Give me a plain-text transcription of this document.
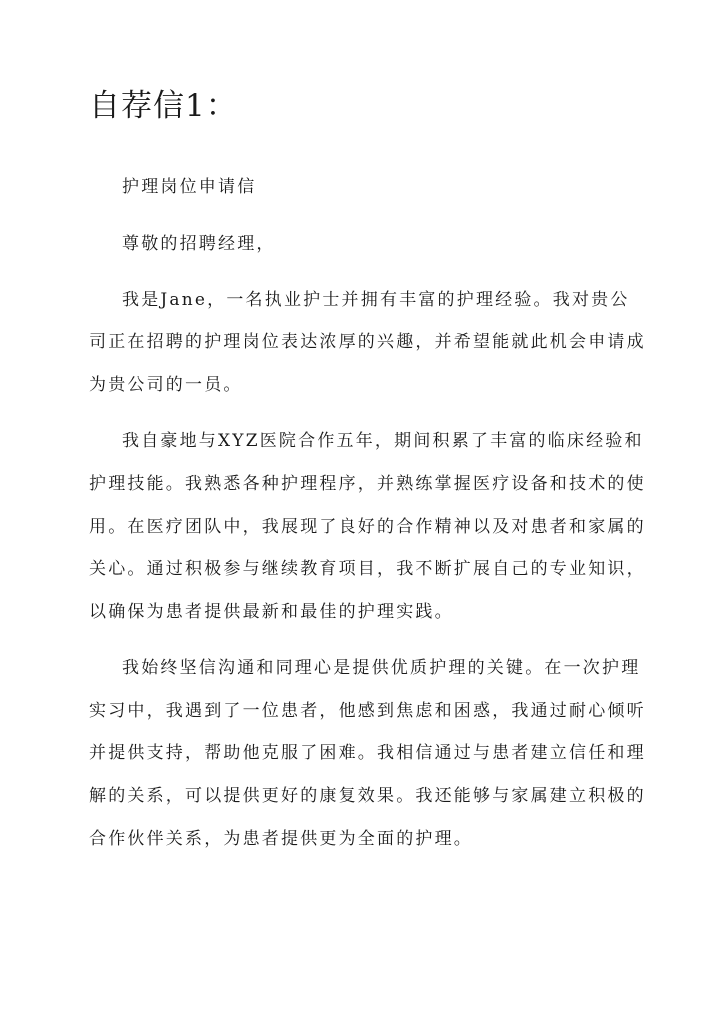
自荐信1：

护理岗位申请信

尊敬的招聘经理，

我是Jane，一名执业护士并拥有丰富的护理经验。我对贵公

司正在招聘的护理岗位表达浓厚的兴趣，并希望能就此机会申请成

为贵公司的一员。

我自豪地与XYZ医院合作五年，期间积累了丰富的临床经验和

护理技能。我熟悉各种护理程序，并熟练掌握医疗设备和技术的使

用。在医疗团队中，我展现了良好的合作精神以及对患者和家属的

关心。通过积极参与继续教育项目，我不断扩展自己的专业知识，

以确保为患者提供最新和最佳的护理实践。

我始终坚信沟通和同理心是提供优质护理的关键。在一次护理

实习中，我遇到了一位患者，他感到焦虑和困惑，我通过耐心倾听

并提供支持，帮助他克服了困难。我相信通过与患者建立信任和理

解的关系，可以提供更好的康复效果。我还能够与家属建立积极的

合作伙伴关系，为患者提供更为全面的护理。
